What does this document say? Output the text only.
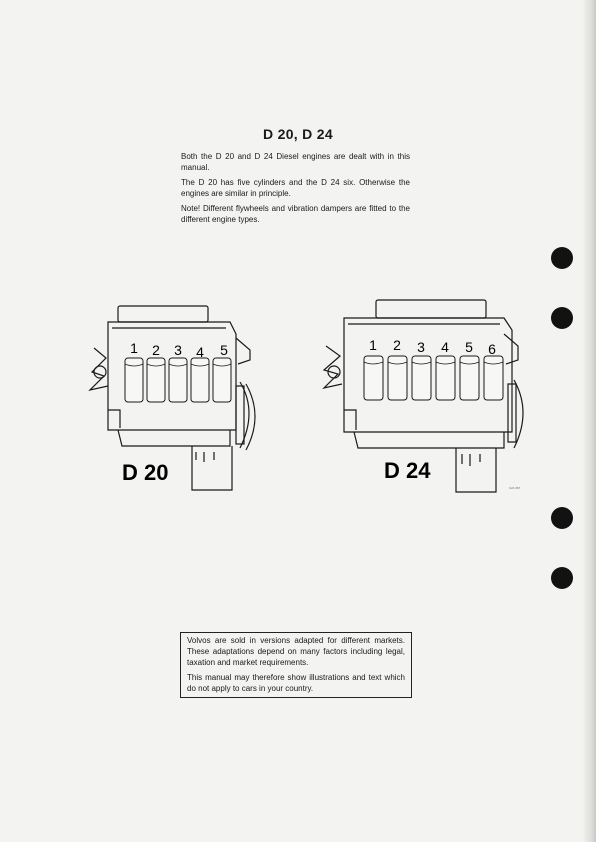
D 20, D 24

Both the D 20 and D 24 Diesel engines are dealt with in this manual.

The D 20 has five cylinders and the D 24 six. Otherwise the engines are similar in principle.

Note! Different flywheels and vibration dampers are fitted to the different engine types.

1 2 3 4 5
D 20
1 2 3 4 5 6
D 24
C21 667

Volvos are sold in versions adapted for different markets. These adaptations depend on many factors including legal, taxation and market requirements.

This manual may therefore show illustrations and text which do not apply to cars in your country.
